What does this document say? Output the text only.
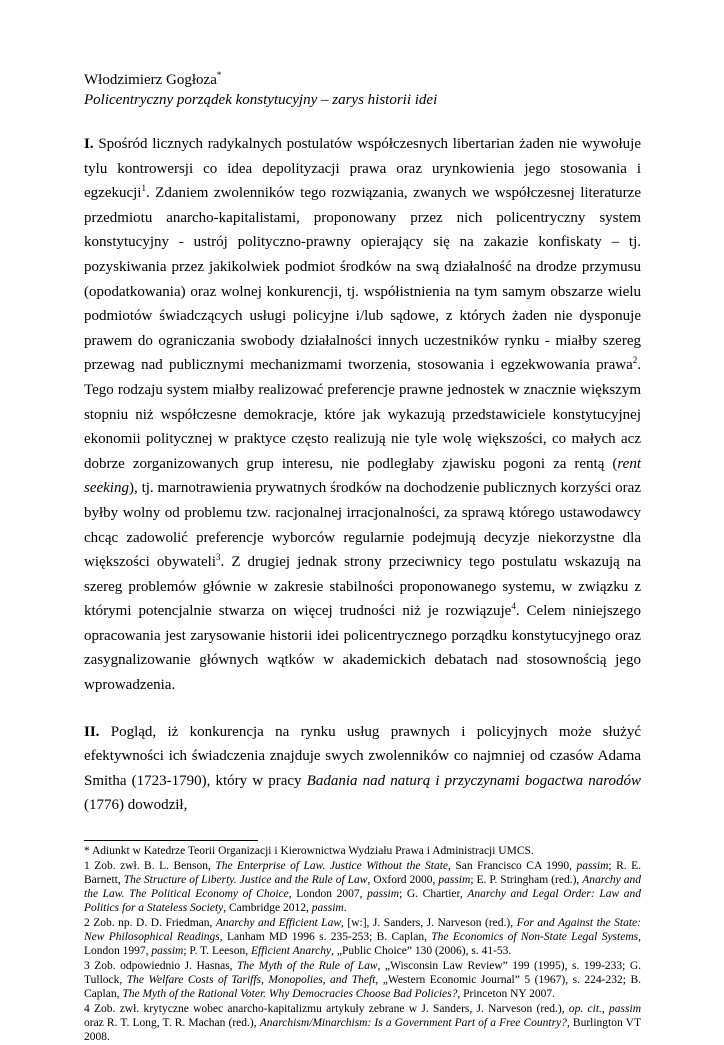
Włodzimierz Gogłoza*
Policentryczny porządek konstytucyjny – zarys historii idei

I. Spośród licznych radykalnych postulatów współczesnych libertarian żaden nie wywołuje tylu kontrowersji co idea depolityzacji prawa oraz urynkowienia jego stosowania i egzekucji$^1$. Zdaniem zwolenników tego rozwiązania, zwanych we współczesnej literaturze przedmiotu anarcho-kapitalistami, proponowany przez nich policentryczny system konstytucyjny - ustrój polityczno-prawny opierający się na zakazie konfiskaty – tj. pozyskiwania przez jakikolwiek podmiot środków na swą działalność na drodze przymusu (opodatkowania) oraz wolnej konkurencji, tj. współistnienia na tym samym obszarze wielu podmiotów świadczących usługi policyjne i/lub sądowe, z których żaden nie dysponuje prawem do ograniczania swobody działalności innych uczestników rynku - miałby szereg przewag nad publicznymi mechanizmami tworzenia, stosowania i egzekwowania prawa$^2$. Tego rodzaju system miałby realizować preferencje prawne jednostek w znacznie większym stopniu niż współczesne demokracje, które jak wykazują przedstawiciele konstytucyjnej ekonomii politycznej w praktyce często realizują nie tyle wolę większości, co małych acz dobrze zorganizowanych grup interesu, nie podległaby zjawisku pogoni za rentą (rent seeking), tj. marnotrawienia prywatnych środków na dochodzenie publicznych korzyści oraz byłby wolny od problemu tzw. racjonalnej irracjonalności, za sprawą którego ustawodawcy chcąc zadowolić preferencje wyborców regularnie podejmują decyzje niekorzystne dla większości obywateli$^3$. Z drugiej jednak strony przeciwnicy tego postulatu wskazują na szereg problemów głównie w zakresie stabilności proponowanego systemu, w związku z którymi potencjalnie stwarza on więcej trudności niż je rozwiązuje$^4$. Celem niniejszego opracowania jest zarysowanie historii idei policentrycznego porządku konstytucyjnego oraz zasygnalizowanie głównych wątków w akademickich debatach nad stosownością jego wprowadzenia.

II. Pogląd, iż konkurencja na rynku usług prawnych i policyjnych może służyć efektywności ich świadczenia znajduje swych zwolenników co najmniej od czasów Adama Smitha (1723-1790), który w pracy Badania nad naturą i przyczynami bogactwa narodów (1776) dowodził,

* Adiunkt w Katedrze Teorii Organizacji i Kierownictwa Wydziału Prawa i Administracji UMCS.

1 Zob. zwł. B. L. Benson, The Enterprise of Law. Justice Without the State, San Francisco CA 1990, passim; R. E. Barnett, The Structure of Liberty. Justice and the Rule of Law, Oxford 2000, passim; E. P. Stringham (red.), Anarchy and the Law. The Political Economy of Choice, London 2007, passim; G. Chartier, Anarchy and Legal Order: Law and Politics for a Stateless Society, Cambridge 2012, passim.

2 Zob. np. D. D. Friedman, Anarchy and Efficient Law, [w:], J. Sanders, J. Narveson (red.), For and Against the State: New Philosophical Readings, Lanham MD 1996 s. 235-253; B. Caplan, The Economics of Non-State Legal Systems, London 1997, passim; P. T. Leeson, Efficient Anarchy, „Public Choice” 130 (2006), s. 41-53.

3 Zob. odpowiednio J. Hasnas, The Myth of the Rule of Law, „Wisconsin Law Review” 199 (1995), s. 199-233; G. Tullock, The Welfare Costs of Tariffs, Monopolies, and Theft, „Western Economic Journal” 5 (1967), s. 224-232; B. Caplan, The Myth of the Rational Voter. Why Democracies Choose Bad Policies?, Princeton NY 2007.

4 Zob. zwł. krytyczne wobec anarcho-kapitalizmu artykuły zebrane w J. Sanders, J. Narveson (red.), op. cit., passim oraz R. T. Long, T. R. Machan (red.), Anarchism/Minarchism: Is a Government Part of a Free Country?, Burlington VT 2008.
